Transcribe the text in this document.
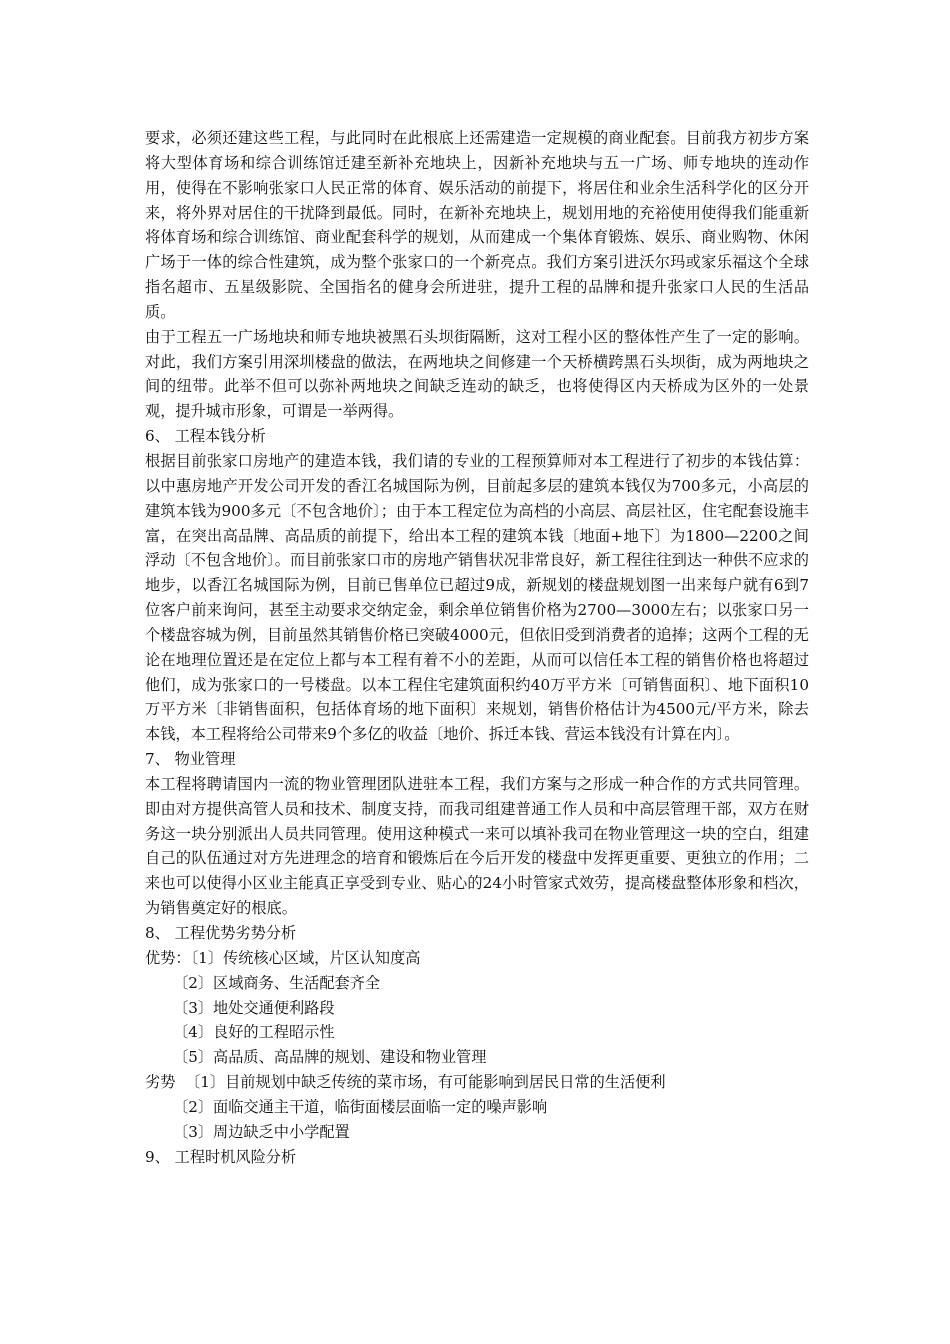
要求，必须还建这些工程，与此同时在此根底上还需建造一定规模的商业配套。目前我方初步方案将大型体育场和综合训练馆迁建至新补充地块上，因新补充地块与五一广场、师专地块的连动作用，使得在不影响张家口人民正常的体育、娱乐活动的前提下，将居住和业余生活科学化的区分开来，将外界对居住的干扰降到最低。同时，在新补充地块上，规划用地的充裕使用使得我们能重新将体育场和综合训练馆、商业配套科学的规划，从而建成一个集体育锻炼、娱乐、商业购物、休闲广场于一体的综合性建筑，成为整个张家口的一个新亮点。我们方案引进沃尔玛或家乐福这个全球指名超市、五星级影院、全国指名的健身会所进驻，提升工程的品牌和提升张家口人民的生活品质。

由于工程五一广场地块和师专地块被黑石头坝街隔断，这对工程小区的整体性产生了一定的影响。对此，我们方案引用深圳楼盘的做法，在两地块之间修建一个天桥横跨黑石头坝街，成为两地块之间的纽带。此举不但可以弥补两地块之间缺乏连动的缺乏，也将使得区内天桥成为区外的一处景观，提升城市形象，可谓是一举两得。

6、 工程本钱分析

根据目前张家口房地产的建造本钱，我们请的专业的工程预算师对本工程进行了初步的本钱估算：以中惠房地产开发公司开发的香江名城国际为例，目前起多层的建筑本钱仅为700多元，小高层的建筑本钱为900多元〔不包含地价〕；由于本工程定位为高档的小高层、高层社区，住宅配套设施丰富，在突出高品牌、高品质的前提下，给出本工程的建筑本钱〔地面+地下〕为1800—2200之间浮动〔不包含地价〕。而目前张家口市的房地产销售状况非常良好，新工程往往到达一种供不应求的地步，以香江名城国际为例，目前已售单位已超过9成，新规划的楼盘规划图一出来每户就有6到7位客户前来询问，甚至主动要求交纳定金，剩余单位销售价格为2700—3000左右；以张家口另一个楼盘容城为例，目前虽然其销售价格已突破4000元，但依旧受到消费者的追捧；这两个工程的无论在地理位置还是在定位上都与本工程有着不小的差距，从而可以信任本工程的销售价格也将超过他们，成为张家口的一号楼盘。以本工程住宅建筑面积约40万平方米〔可销售面积〕、地下面积10万平方米〔非销售面积，包括体育场的地下面积〕来规划，销售价格估计为4500元/平方米，除去本钱，本工程将给公司带来9个多亿的收益〔地价、拆迁本钱、营运本钱没有计算在内〕。

7、 物业管理

本工程将聘请国内一流的物业管理团队进驻本工程，我们方案与之形成一种合作的方式共同管理。即由对方提供高管人员和技术、制度支持，而我司组建普通工作人员和中高层管理干部，双方在财务这一块分别派出人员共同管理。使用这种模式一来可以填补我司在物业管理这一块的空白，组建自己的队伍通过对方先进理念的培育和锻炼后在今后开发的楼盘中发挥更重要、更独立的作用；二来也可以使得小区业主能真正享受到专业、贴心的24小时管家式效劳，提高楼盘整体形象和档次，为销售奠定好的根底。

8、 工程优势劣势分析

优势：〔1〕传统核心区域，片区认知度高

〔2〕区域商务、生活配套齐全

〔3〕地处交通便利路段

〔4〕良好的工程昭示性

〔5〕高品质、高品牌的规划、建设和物业管理

劣势 〔1〕目前规划中缺乏传统的菜市场，有可能影响到居民日常的生活便利

〔2〕面临交通主干道，临街面楼层面临一定的噪声影响

〔3〕周边缺乏中小学配置

9、 工程时机风险分析
